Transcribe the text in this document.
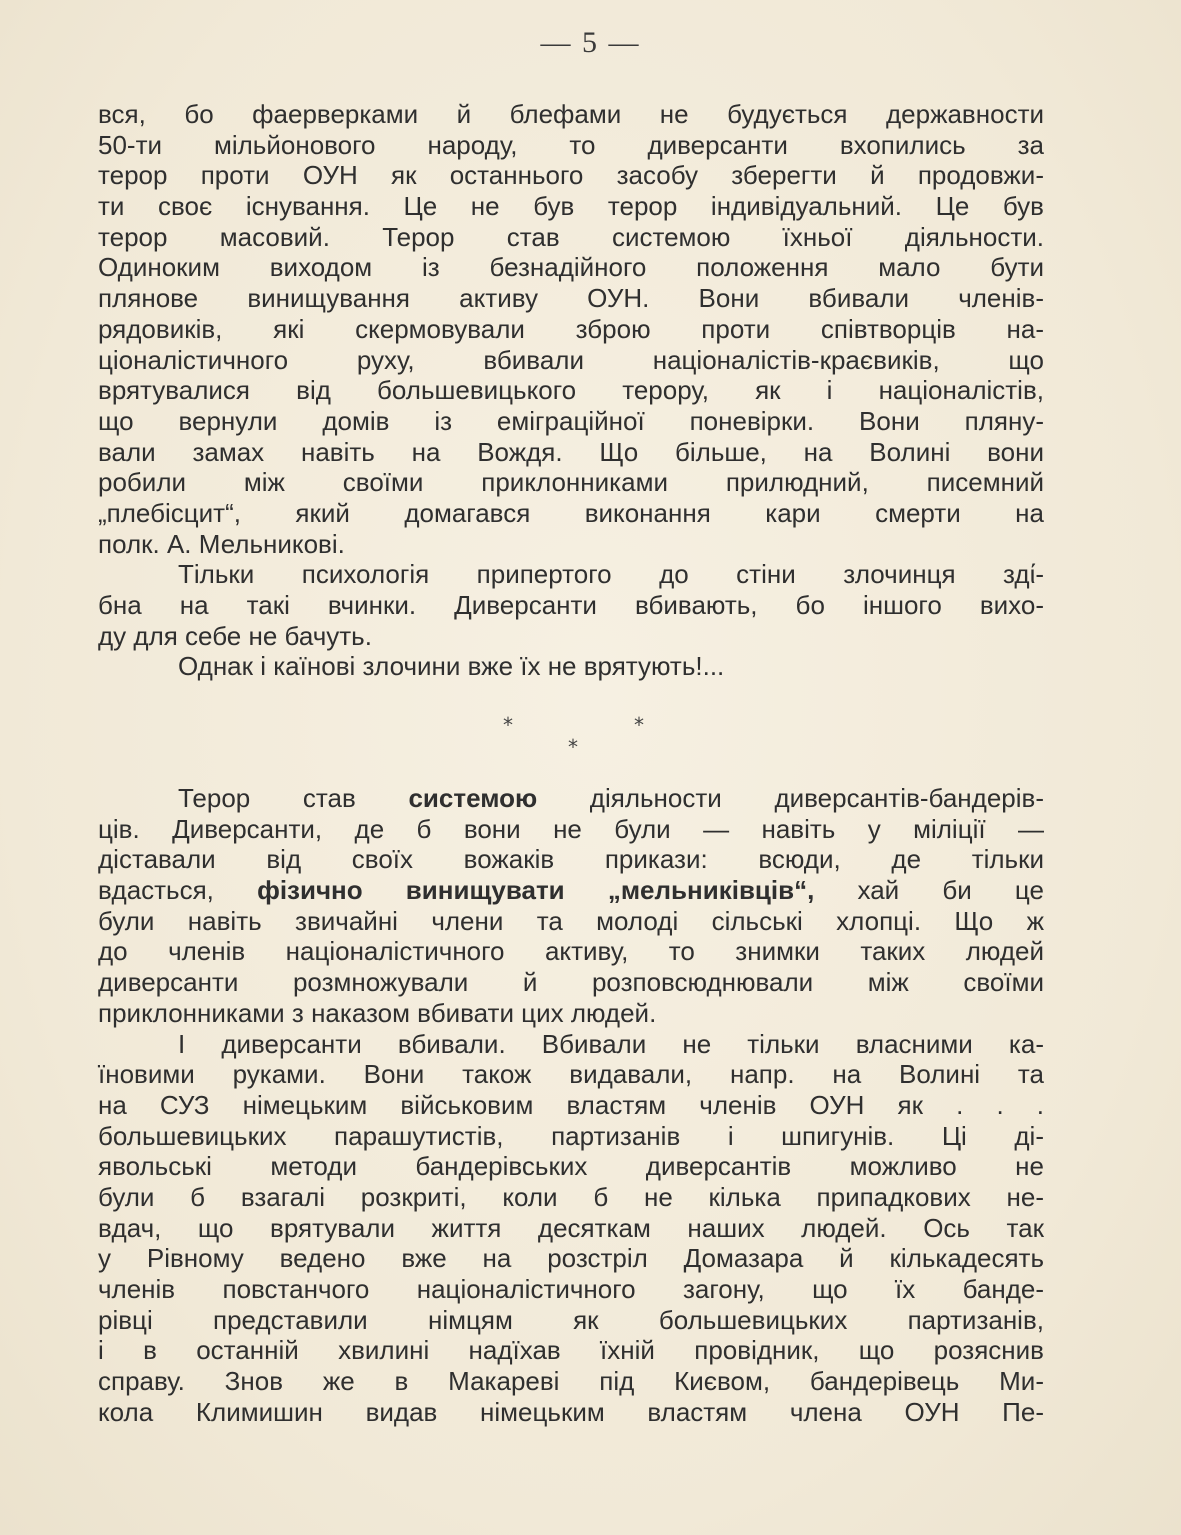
— 5 —
вся, бо фаерверками й блефами не будується державности
50-ти мільйонового народу, то диверсанти вхопились за
терор проти ОУН як останнього засобу зберегти й продовжи-
ти своє існування. Це не був терор індивідуальний. Це був
терор масовий. Терор став системою їхньої діяльности.
Одиноким виходом із безнадійного положення мало бути
плянове винищування активу ОУН. Вони вбивали членів-
рядовиків, які скермовували зброю проти співтворців на-
ціоналістичного руху, вбивали націоналістів-краєвиків, що
врятувалися від большевицького терору, як і націоналістів,
що вернули домів із еміграційної поневірки. Вони пляну-
вали замах навіть на Вождя. Що більше, на Волині вони
робили між своїми приклонниками прилюдний, писемний
„плебісцит“, який домагався виконання кари смерти на
полк. А. Мельникові.
Тільки психологія припертого до стіни злочинця здί-
бна на такі вчинки. Диверсанти вбивають, бо іншого вихо-
ду для себе не бачуть.
Однак і каїнові злочини вже їх не врятують!...
*	*
*
Терор став системою діяльности диверсантів-бандерів-
ців. Диверсанти, де б вони не були — навіть у міліції —
діставали від своїх вожаків прикази: всюди, де тільки
вдасться, фізично винищувати „мельниківців“, хай би це
були навіть звичайні члени та молоді сільські хлопці. Що ж
до членів націоналістичного активу, то знимки таких людей
диверсанти розмножували й розповсюднювали між своїми
приклонниками з наказом вбивати цих людей.
І диверсанти вбивали. Вбивали не тільки власними ка-
їновими руками. Вони також видавали, напр. на Волині та
на СУЗ німецьким військовим властям членів ОУН як . . .
большевицьких парашутистів, партизанів і шпигунів. Ці ді-
явольські методи бандерівських диверсантів можливо не
були б взагалі розкриті, коли б не кілька припадкових не-
вдач, що врятували життя десяткам наших людей. Ось так
у Рівному ведено вже на розстріл Домазара й кількадесять
членів повстанчого націоналістичного загону, що їх банде-
рівці представили німцям як большевицьких партизанів,
і в останній хвилині надїхав їхній провідник, що розяснив
справу. Знов же в Макареві під Києвом, бандерівець Ми-
кола Климишин видав німецьким властям члена ОУН Пе-
